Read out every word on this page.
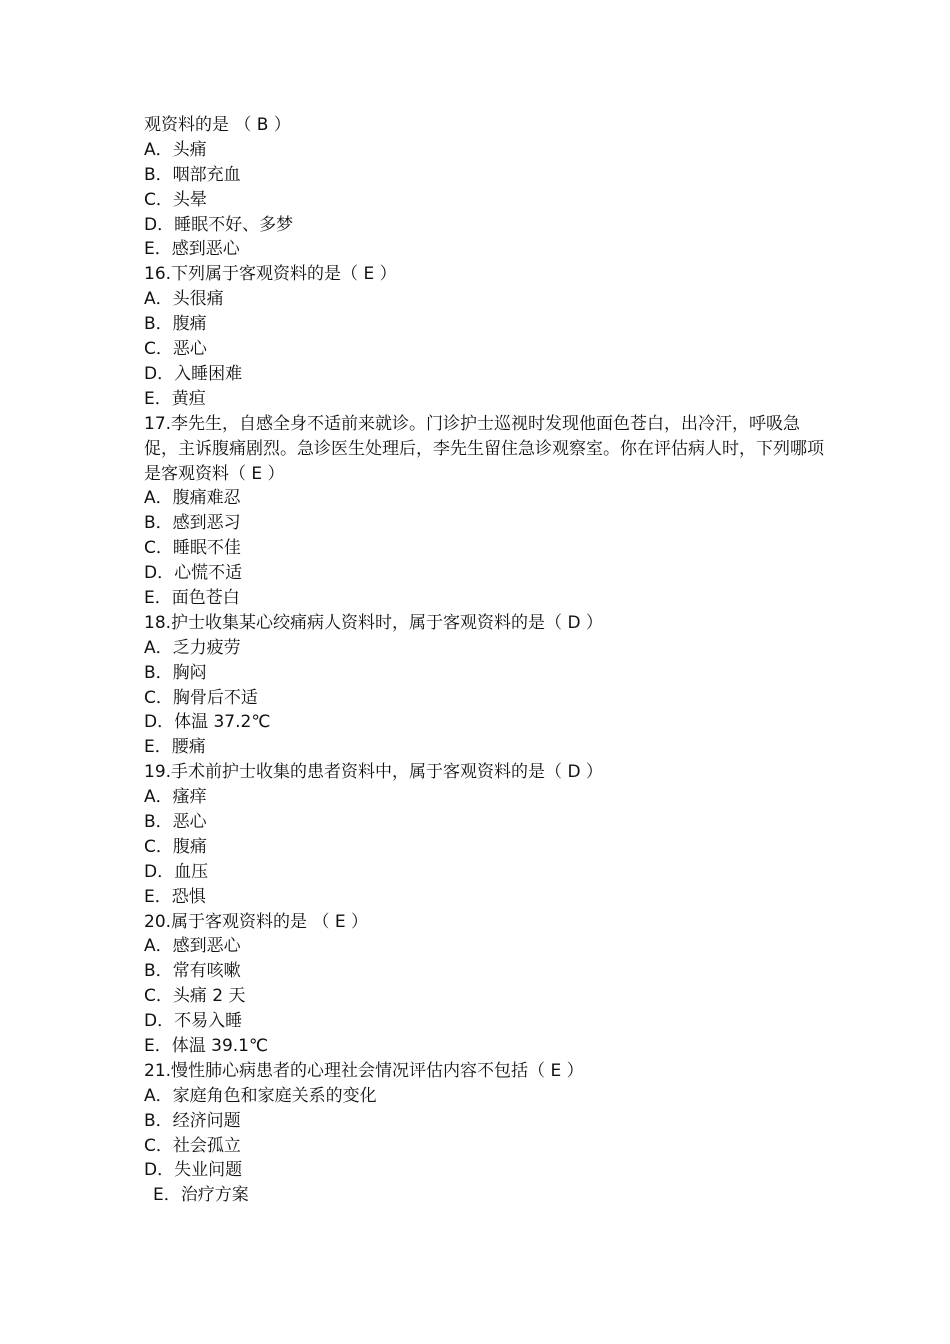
观资料的是 （ B ）
A．头痛
B．咽部充血
C．头晕
D．睡眠不好、多梦
E．感到恶心
16.下列属于客观资料的是（ E ）
A．头很痛
B．腹痛
C．恶心
D．入睡困难
E．黄疸
17.李先生，自感全身不适前来就诊。门诊护士巡视时发现他面色苍白，出冷汗，呼吸急促，主诉腹痛剧烈。急诊医生处理后，李先生留住急诊观察室。你在评估病人时，下列哪项是客观资料（ E ）
A．腹痛难忍
B．感到恶习
C．睡眠不佳
D．心慌不适
E．面色苍白
18.护士收集某心绞痛病人资料时，属于客观资料的是（ D ）
A．乏力疲劳
B．胸闷
C．胸骨后不适
D．体温 37.2℃
E．腰痛
19.手术前护士收集的患者资料中，属于客观资料的是（ D ）
A．瘙痒
B．恶心
C．腹痛
D．血压
E．恐惧
20.属于客观资料的是 （ E ）
A．感到恶心
B．常有咳嗽
C．头痛 2 天
D．不易入睡
E．体温 39.1℃
21.慢性肺心病患者的心理社会情况评估内容不包括（ E ）
A．家庭角色和家庭关系的变化
B．经济问题
C．社会孤立
D．失业问题
E．治疗方案
